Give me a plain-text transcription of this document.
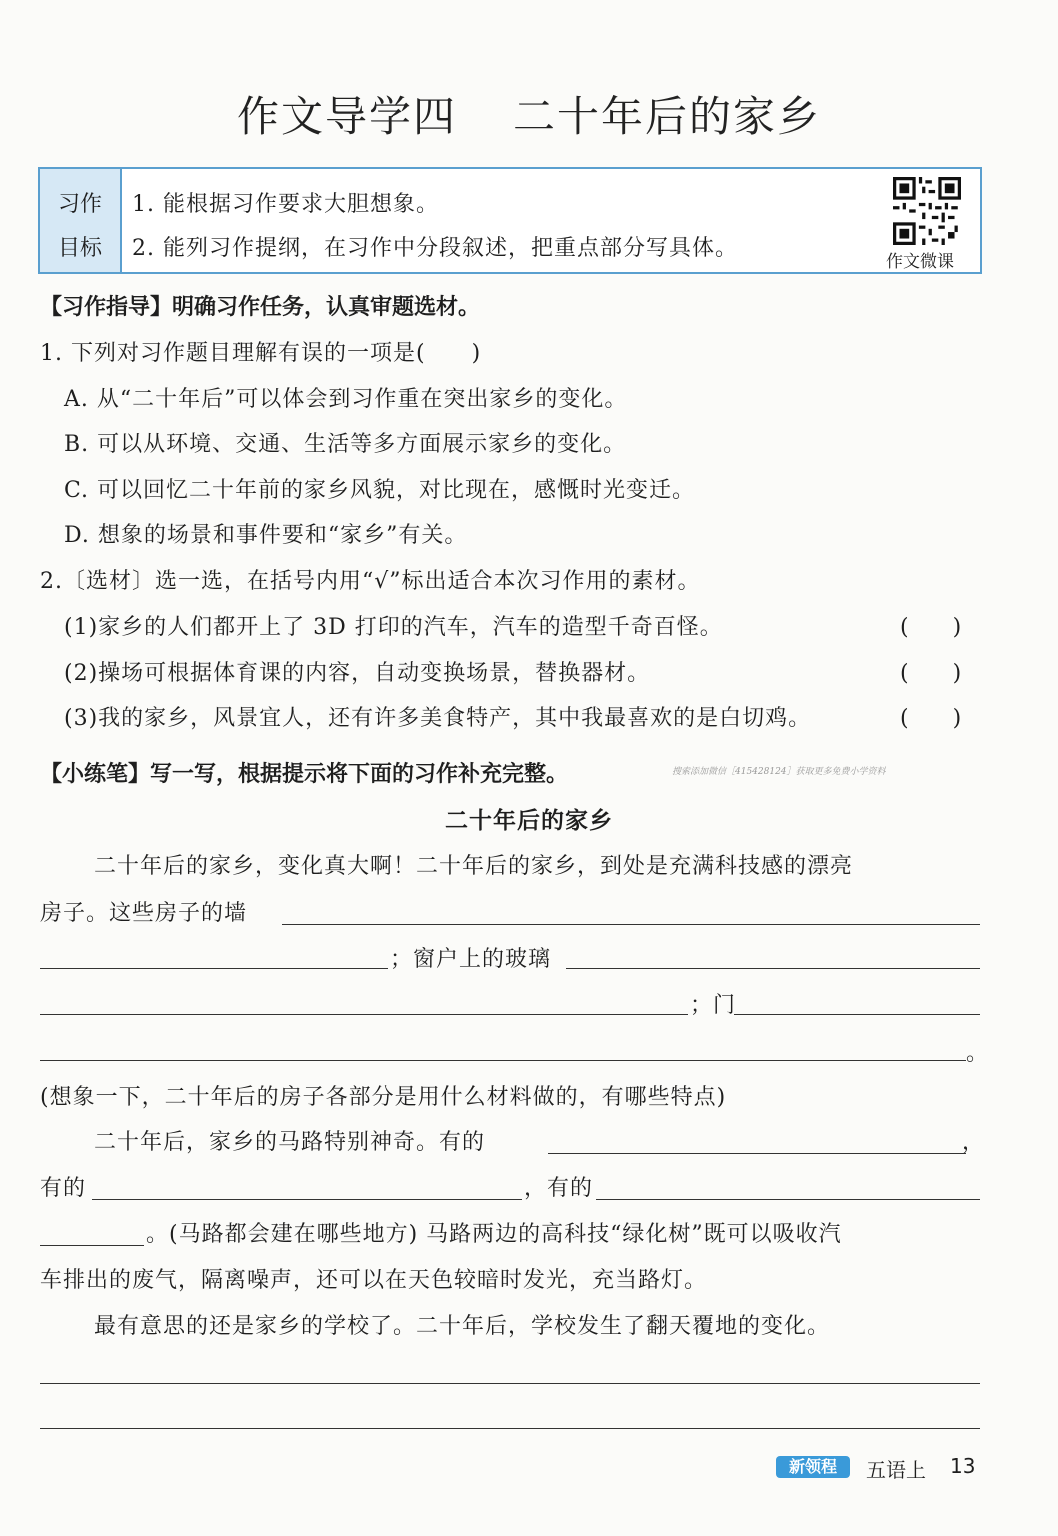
作文导学四 二十年后的家乡
习作
目标
1. 能根据习作要求大胆想象。
2. 能列习作提纲，在习作中分段叙述，把重点部分写具体。
作文微课
【习作指导】明确习作任务，认真审题选材。
1. 下列对习作题目理解有误的一项是(　　)
A. 从“二十年后”可以体会到习作重在突出家乡的变化。
B. 可以从环境、交通、生活等多方面展示家乡的变化。
C. 可以回忆二十年前的家乡风貌，对比现在，感慨时光变迁。
D. 想象的场景和事件要和“家乡”有关。
2.〔选材〕选一选，在括号内用“√”标出适合本次习作用的素材。
(1)家乡的人们都开上了 3D 打印的汽车，汽车的造型千奇百怪。	(　　)
(2)操场可根据体育课的内容，自动变换场景，替换器材。	(　　)
(3)我的家乡，风景宜人，还有许多美食特产，其中我最喜欢的是白切鸡。	(　　)
【小练笔】写一写，根据提示将下面的习作补充完整。	搜索添加微信［415428124］获取更多免费小学资料
二十年后的家乡
二十年后的家乡，变化真大啊！二十年后的家乡，到处是充满科技感的漂亮
房子。这些房子的墙
；窗户上的玻璃
；门
。
(想象一下，二十年后的房子各部分是用什么材料做的，有哪些特点)
二十年后，家乡的马路特别神奇。有的	，
有的	，有的
。(马路都会建在哪些地方) 马路两边的高科技“绿化树”既可以吸收汽
车排出的废气，隔离噪声，还可以在天色较暗时发光，充当路灯。
最有意思的还是家乡的学校了。二十年后，学校发生了翻天覆地的变化。
新领程	五语上 13
